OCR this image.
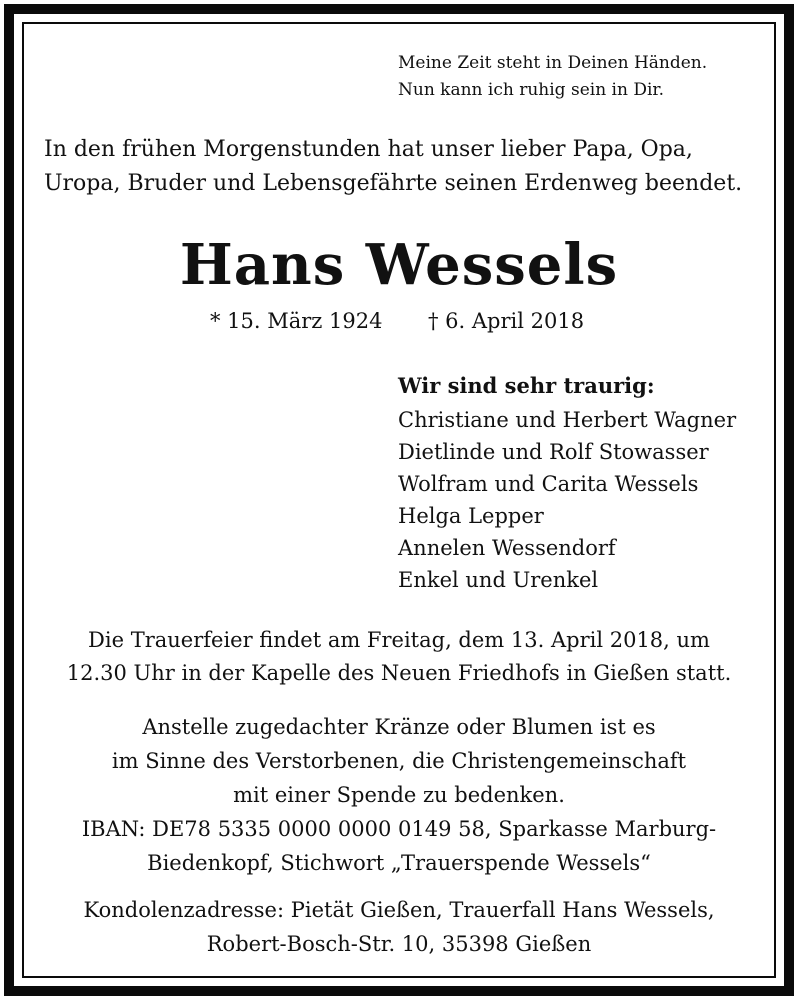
Meine Zeit steht in Deinen Händen.
Nun kann ich ruhig sein in Dir.
In den frühen Morgenstunden hat unser lieber Papa, Opa,
Uropa, Bruder und Lebensgefährte seinen Erdenweg beendet.
Hans Wessels
* 15. März 1924 † 6. April 2018
Wir sind sehr traurig:
Christiane und Herbert Wagner
Dietlinde und Rolf Stowasser
Wolfram und Carita Wessels
Helga Lepper
Annelen Wessendorf
Enkel und Urenkel
Die Trauerfeier findet am Freitag, dem 13. April 2018, um
12.30 Uhr in der Kapelle des Neuen Friedhofs in Gießen statt.
Anstelle zugedachter Kränze oder Blumen ist es
im Sinne des Verstorbenen, die Christengemeinschaft
mit einer Spende zu bedenken.
IBAN: DE78 5335 0000 0000 0149 58, Sparkasse Marburg-
Biedenkopf, Stichwort „Trauerspende Wessels“
Kondolenzadresse: Pietät Gießen, Trauerfall Hans Wessels,
Robert-Bosch-Str. 10, 35398 Gießen
